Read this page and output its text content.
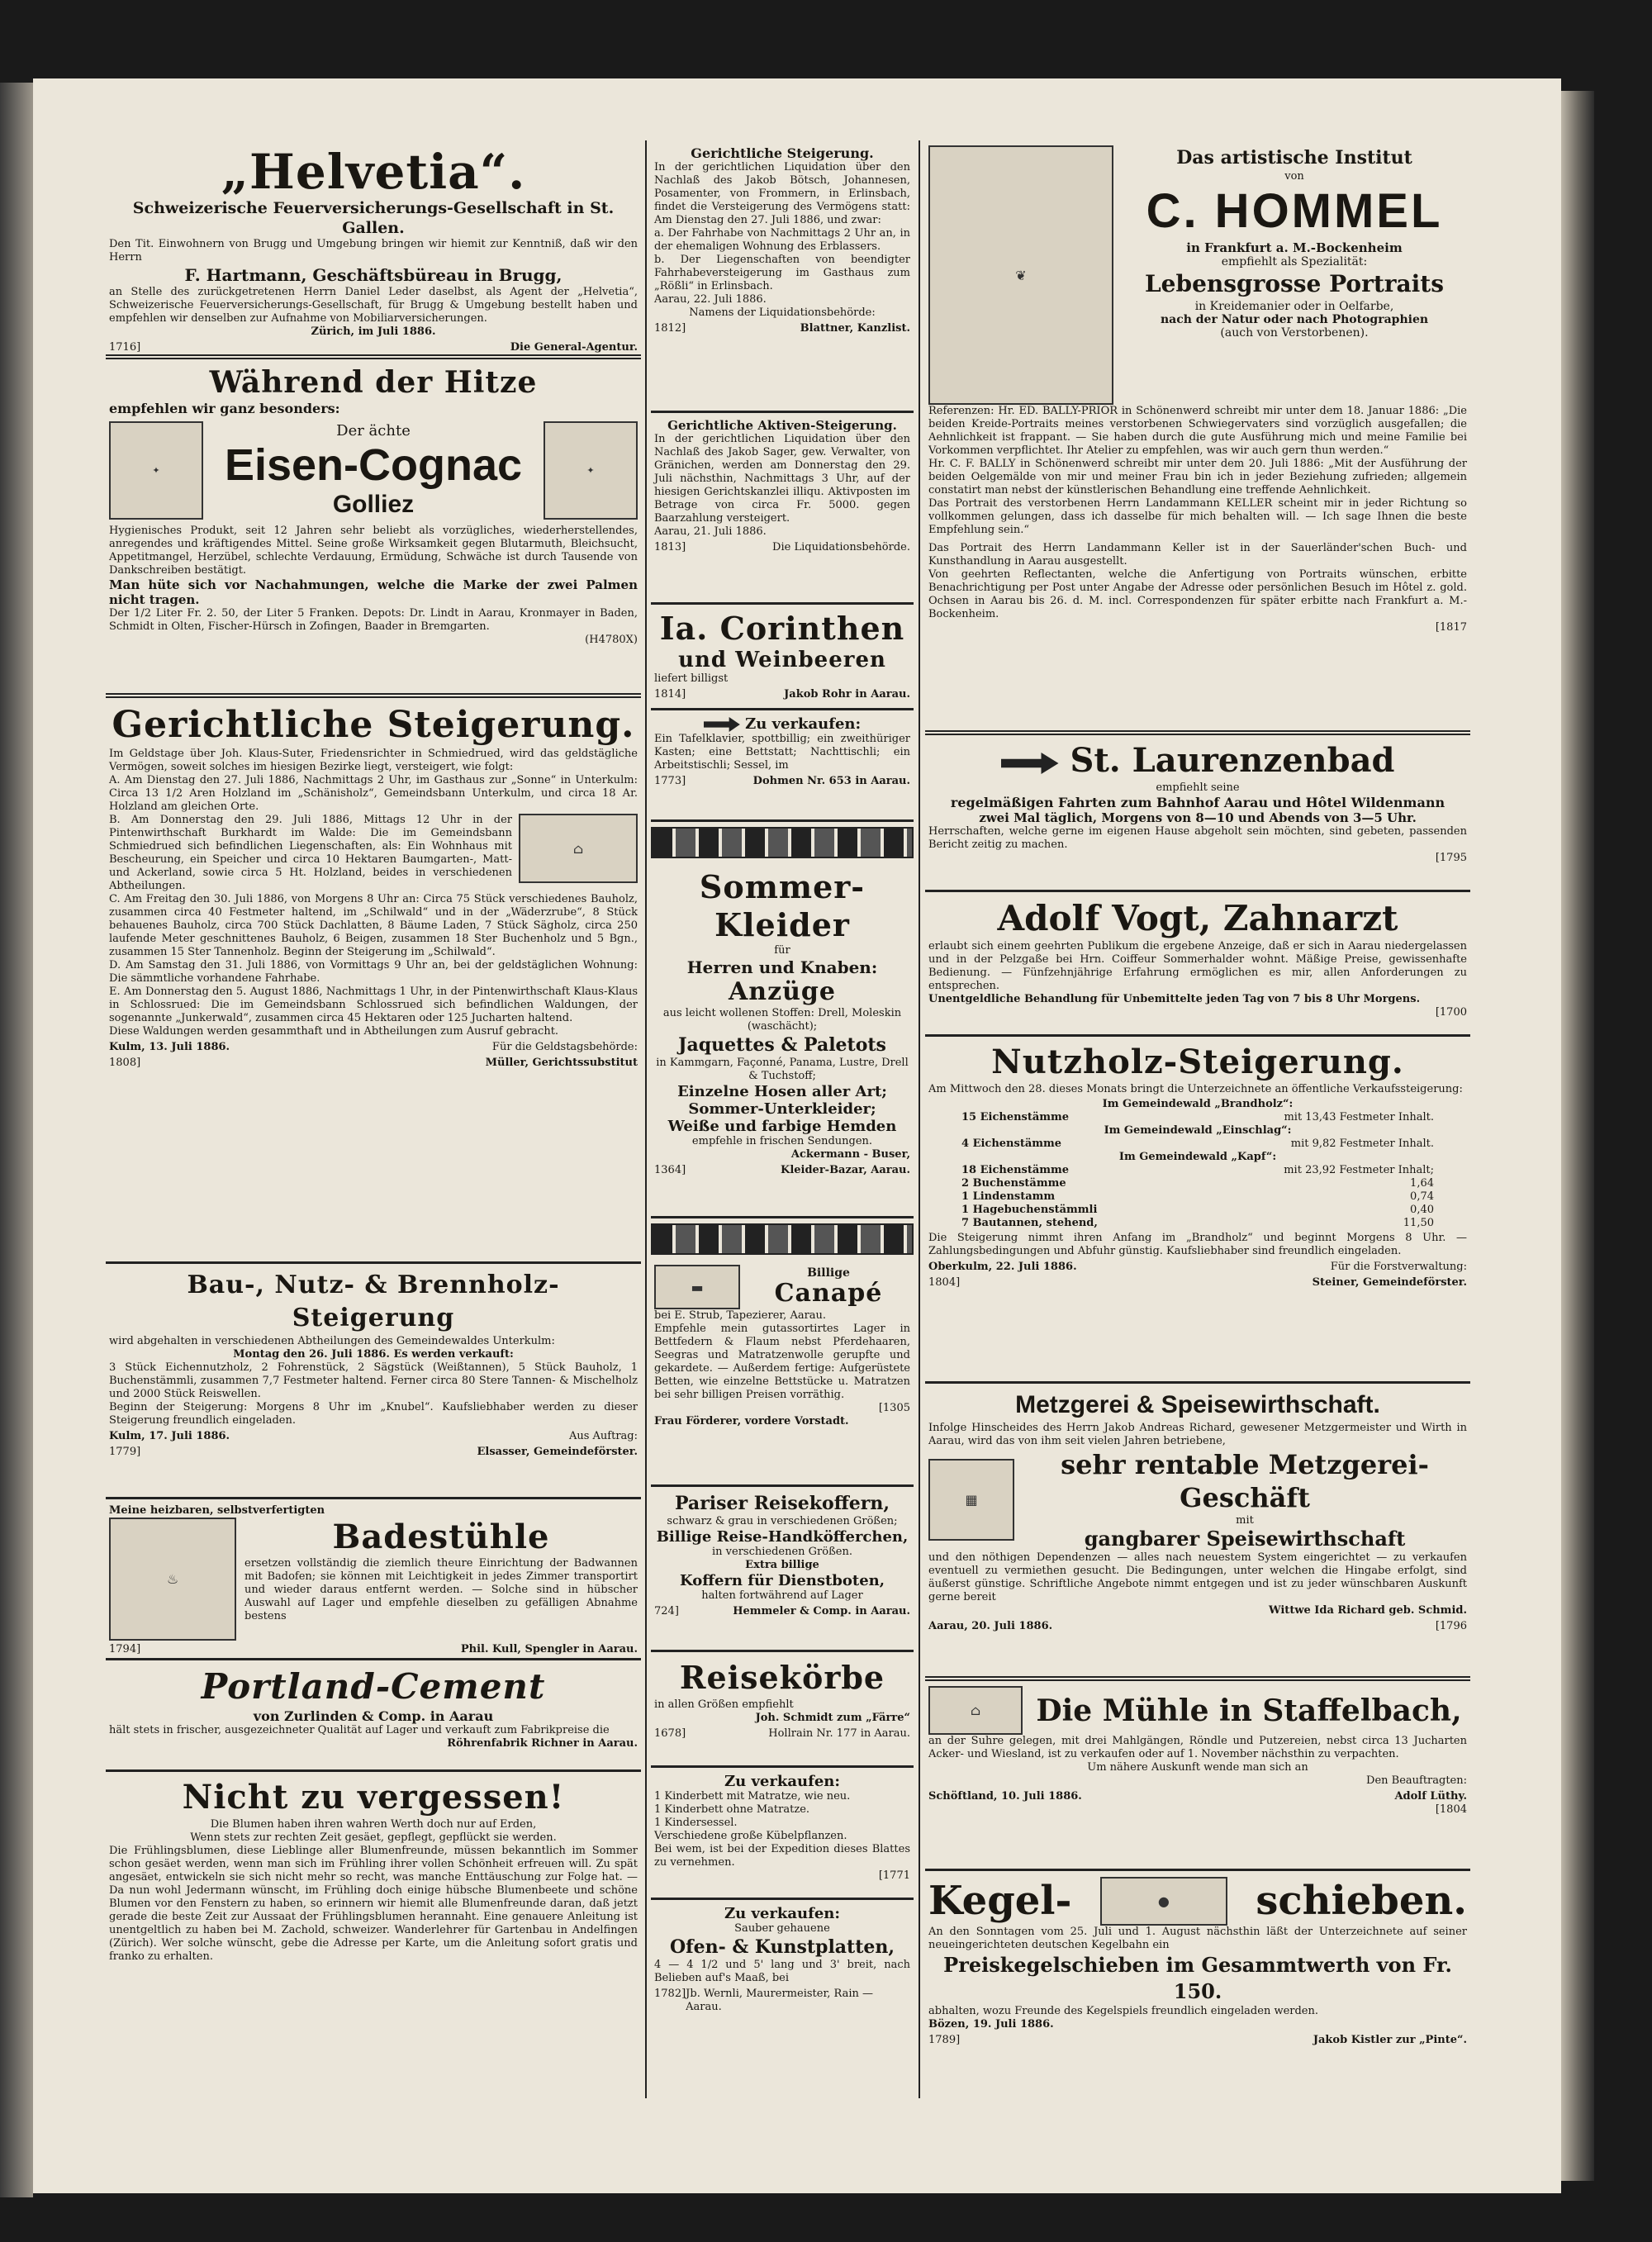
„Helvetia“.
Schweizerische Feuerversicherungs-Gesellschaft in St. Gallen.
Den Tit. Einwohnern von Brugg und Umgebung bringen wir hiemit zur Kenntniß, daß wir den Herrn
F. Hartmann, Geschäftsbüreau in Brugg,
an Stelle des zurückgetretenen Herrn Daniel Leder daselbst, als Agent der „Helvetia“, Schweizerische Feuerversicherungs-Gesellschaft, für Brugg & Umgebung bestellt haben und empfehlen wir denselben zur Aufnahme von Mobiliarversicherungen.
Zürich, im Juli 1886.
1716]	Die General-Agentur.
Während der Hitze
empfehlen wir ganz besonders:
✦
Der ächte
Eisen-Cognac
Golliez
✦
Hygienisches Produkt, seit 12 Jahren sehr beliebt als vorzügliches, wiederherstellendes, anregendes und kräftigendes Mittel. Seine große Wirksamkeit gegen Blutarmuth, Bleichsucht, Appetitmangel, Herzübel, schlechte Verdauung, Ermüdung, Schwäche ist durch Tausende von Dankschreiben bestätigt.
Man hüte sich vor Nachahmungen, welche die Marke der zwei Palmen nicht tragen.
Der 1/2 Liter Fr. 2. 50, der Liter 5 Franken. Depots: Dr. Lindt in Aarau, Kronmayer in Baden, Schmidt in Olten, Fischer-Hürsch in Zofingen, Baader in Bremgarten.
(H4780X)
Gerichtliche Steigerung.
Im Geldstage über Joh. Klaus-Suter, Friedensrichter in Schmiedrued, wird das geldstägliche Vermögen, soweit solches im hiesigen Bezirke liegt, versteigert, wie folgt:
A. Am Dienstag den 27. Juli 1886, Nachmittags 2 Uhr, im Gasthaus zur „Sonne“ in Unterkulm: Circa 13 1/2 Aren Holzland im „Schänisholz“, Gemeindsbann Unterkulm, und circa 18 Ar. Holzland am gleichen Orte.
B. Am Donnerstag den 29. Juli 1886, Mittags 12 Uhr in der Pintenwirthschaft Burkhardt im Walde: Die im Gemeindsbann Schmiedrued sich befindlichen Liegenschaften, als: Ein Wohnhaus mit Bescheurung, ein Speicher und circa 10 Hektaren Baumgarten-, Matt- und Ackerland, sowie circa 5 Ht. Holzland, beides in verschiedenen Abtheilungen.
⌂
C. Am Freitag den 30. Juli 1886, von Morgens 8 Uhr an: Circa 75 Stück verschiedenes Bauholz, zusammen circa 40 Festmeter haltend, im „Schilwald“ und in der „Wäderzrube“, 8 Stück behauenes Bauholz, circa 700 Stück Dachlatten, 8 Bäume Laden, 7 Stück Sägholz, circa 250 laufende Meter geschnittenes Bauholz, 6 Beigen, zusammen 18 Ster Buchenholz und 5 Bgn., zusammen 15 Ster Tannenholz. Beginn der Steigerung im „Schilwald“.
D. Am Samstag den 31. Juli 1886, von Vormittags 9 Uhr an, bei der geldstäglichen Wohnung: Die sämmtliche vorhandene Fahrhabe.
E. Am Donnerstag den 5. August 1886, Nachmittags 1 Uhr, in der Pintenwirthschaft Klaus-Klaus in Schlossrued: Die im Gemeindsbann Schlossrued sich befindlichen Waldungen, der sogenannte „Junkerwald“, zusammen circa 45 Hektaren oder 125 Jucharten haltend.
Diese Waldungen werden gesammthaft und in Abtheilungen zum Ausruf gebracht.
Kulm, 13. Juli 1886.	Für die Geldstagsbehörde:
1808]	Müller, Gerichtssubstitut
Bau-, Nutz- & Brennholz-Steigerung
wird abgehalten in verschiedenen Abtheilungen des Gemeindewaldes Unterkulm:
Montag den 26. Juli 1886. Es werden verkauft:
3 Stück Eichennutzholz, 2 Fohrenstück, 2 Sägstück (Weißtannen), 5 Stück Bauholz, 1 Buchenstämmli, zusammen 7,7 Festmeter haltend. Ferner circa 80 Stere Tannen- & Mischelholz und 2000 Stück Reiswellen.
Beginn der Steigerung: Morgens 8 Uhr im „Knubel“. Kaufsliebhaber werden zu dieser Steigerung freundlich eingeladen.
Kulm, 17. Juli 1886.	Aus Auftrag:
1779]	Elsasser, Gemeindeförster.
Meine heizbaren, selbstverfertigten
♨
Badestühle
ersetzen vollständig die ziemlich theure Einrichtung der Badwannen mit Badofen; sie können mit Leichtigkeit in jedes Zimmer transportirt und wieder daraus entfernt werden. — Solche sind in hübscher Auswahl auf Lager und empfehle dieselben zu gefälligen Abnahme bestens
1794]	Phil. Kull, Spengler in Aarau.
Portland-Cement
von Zurlinden & Comp. in Aarau
hält stets in frischer, ausgezeichneter Qualität auf Lager und verkauft zum Fabrikpreise die
Röhrenfabrik Richner in Aarau.
Nicht zu vergessen!
Die Blumen haben ihren wahren Werth doch nur auf Erden,
Wenn stets zur rechten Zeit gesäet, gepflegt, gepflückt sie werden.
Die Frühlingsblumen, diese Lieblinge aller Blumenfreunde, müssen bekanntlich im Sommer schon gesäet werden, wenn man sich im Frühling ihrer vollen Schönheit erfreuen will. Zu spät angesäet, entwickeln sie sich nicht mehr so recht, was manche Enttäuschung zur Folge hat. — Da nun wohl Jedermann wünscht, im Frühling doch einige hübsche Blumenbeete und schöne Blumen vor den Fenstern zu haben, so erinnern wir hiemit alle Blumenfreunde daran, daß jetzt gerade die beste Zeit zur Aussaat der Frühlingsblumen herannaht. Eine genauere Anleitung ist unentgeltlich zu haben bei M. Zachold, schweizer. Wanderlehrer für Gartenbau in Andelfingen (Zürich). Wer solche wünscht, gebe die Adresse per Karte, um die Anleitung sofort gratis und franko zu erhalten.
Gerichtliche Steigerung.
In der gerichtlichen Liquidation über den Nachlaß des Jakob Bötsch, Johannesen, Posamenter, von Frommern, in Erlinsbach, findet die Versteigerung des Vermögens statt: Am Dienstag den 27. Juli 1886, und zwar:
a. Der Fahrhabe von Nachmittags 2 Uhr an, in der ehemaligen Wohnung des Erblassers.
b. Der Liegenschaften von beendigter Fahrhabeversteigerung im Gasthaus zum „Rößli“ in Erlinsbach.
Aarau, 22. Juli 1886.
Namens der Liquidationsbehörde:
1812]	Blattner, Kanzlist.
Gerichtliche Aktiven-Steigerung.
In der gerichtlichen Liquidation über den Nachlaß des Jakob Sager, gew. Verwalter, von Gränichen, werden am Donnerstag den 29. Juli nächsthin, Nachmittags 3 Uhr, auf der hiesigen Gerichtskanzlei illiqu. Aktivposten im Betrage von circa Fr. 5000. gegen Baarzahlung versteigert.
Aarau, 21. Juli 1886.
1813]	Die Liquidationsbehörde.
Ia. Corinthen
und Weinbeeren
liefert billigst
1814]	Jakob Rohr in Aarau.
Zu verkaufen:
Ein Tafelklavier, spottbillig; ein zweithüriger Kasten; eine Bettstatt; Nachttischli; ein Arbeitstischli; Sessel, im
1773]	Dohmen Nr. 653 in Aarau.
Sommer-Kleider
für
Herren und Knaben:
Anzüge
aus leicht wollenen Stoffen: Drell, Moleskin (waschächt);
Jaquettes & Paletots
in Kammgarn, Façonné, Panama, Lustre, Drell & Tuchstoff;
Einzelne Hosen aller Art;
Sommer-Unterkleider;
Weiße und farbige Hemden
empfehle in frischen Sendungen.
Ackermann - Buser,
1364]	Kleider-Bazar, Aarau.
▬
Billige
Canapé
bei E. Strub, Tapezierer, Aarau.
Empfehle mein gutassortirtes Lager in Bettfedern & Flaum nebst Pferdehaaren, Seegras und Matratzenwolle gerupfte und gekardete. — Außerdem fertige: Aufgerüstete Betten, wie einzelne Bettstücke u. Matratzen bei sehr billigen Preisen vorräthig.
[1305
Frau Förderer, vordere Vorstadt.
Pariser Reisekoffern,
schwarz & grau in verschiedenen Größen;
Billige Reise-Handköfferchen,
in verschiedenen Größen.
Extra billige
Koffern für Dienstboten,
halten fortwährend auf Lager
724]	Hemmeler & Comp. in Aarau.
Reisekörbe
in allen Größen empfiehlt
Joh. Schmidt zum „Färre“
1678]	Hollrain Nr. 177 in Aarau.
Zu verkaufen:
1 Kinderbett mit Matratze, wie neu.
1 Kinderbett ohne Matratze.
1 Kindersessel.
Verschiedene große Kübelpflanzen.
Bei wem, ist bei der Expedition dieses Blattes zu vernehmen.
[1771
Zu verkaufen:
Sauber gehauene
Ofen- & Kunstplatten,
4 — 4 1/2 und 5' lang und 3' breit, nach Belieben auf's Maaß, bei
1782] Jb. Wernli, Maurermeister, Rain — Aarau.
❦
Das artistische Institut
von
C. HOMMEL
in Frankfurt a. M.-Bockenheim
empfiehlt als Spezialität:
Lebensgrosse Portraits
in Kreidemanier oder in Oelfarbe,
nach der Natur oder nach Photographien
(auch von Verstorbenen).
Referenzen: Hr. ED. BALLY-PRIOR in Schönenwerd schreibt mir unter dem 18. Januar 1886: „Die beiden Kreide-Portraits meines verstorbenen Schwiegervaters sind vorzüglich ausgefallen; die Aehnlichkeit ist frappant. — Sie haben durch die gute Ausführung mich und meine Familie bei Vorkommen verpflichtet. Ihr Atelier zu empfehlen, was wir auch gern thun werden.“
Hr. C. F. BALLY in Schönenwerd schreibt mir unter dem 20. Juli 1886: „Mit der Ausführung der beiden Oelgemälde von mir und meiner Frau bin ich in jeder Beziehung zufrieden; allgemein constatirt man nebst der künstlerischen Behandlung eine treffende Aehnlichkeit.
Das Portrait des verstorbenen Herrn Landammann KELLER scheint mir in jeder Richtung so vollkommen gelungen, dass ich dasselbe für mich behalten will. — Ich sage Ihnen die beste Empfehlung sein.“
Das Portrait des Herrn Landammann Keller ist in der Sauerländer'schen Buch- und Kunsthandlung in Aarau ausgestellt.
Von geehrten Reflectanten, welche die Anfertigung von Portraits wünschen, erbitte Benachrichtigung per Post unter Angabe der Adresse oder persönlichen Besuch im Hôtel z. gold. Ochsen in Aarau bis 26. d. M. incl. Correspondenzen für später erbitte nach Frankfurt a. M.-Bockenheim.
[1817
St. Laurenzenbad
empfiehlt seine
regelmäßigen Fahrten zum Bahnhof Aarau und Hôtel Wildenmann
zwei Mal täglich, Morgens von 8—10 und Abends von 3—5 Uhr.
Herrschaften, welche gerne im eigenen Hause abgeholt sein möchten, sind gebeten, passenden Bericht zeitig zu machen.
[1795
Adolf Vogt, Zahnarzt
erlaubt sich einem geehrten Publikum die ergebene Anzeige, daß er sich in Aarau niedergelassen und in der Pelzgaße bei Hrn. Coiffeur Sommerhalder wohnt. Mäßige Preise, gewissenhafte Bedienung. — Fünfzehnjährige Erfahrung ermöglichen es mir, allen Anforderungen zu entsprechen.
Unentgeldliche Behandlung für Unbemittelte jeden Tag von 7 bis 8 Uhr Morgens.
[1700
Nutzholz-Steigerung.
Am Mittwoch den 28. dieses Monats bringt die Unterzeichnete an öffentliche Verkaufssteigerung:
Im Gemeindewald „Brandholz“:
15 Eichenstämme	mit 13,43 Festmeter Inhalt.
Im Gemeindewald „Einschlag“:
4 Eichenstämme	mit 9,82 Festmeter Inhalt.
Im Gemeindewald „Kapf“:
18 Eichenstämme	mit 23,92 Festmeter Inhalt;
2 Buchenstämme	1,64
1 Lindenstamm	0,74
1 Hagebuchenstämmli	0,40
7 Bautannen, stehend,	11,50
Die Steigerung nimmt ihren Anfang im „Brandholz“ und beginnt Morgens 8 Uhr. — Zahlungsbedingungen und Abfuhr günstig. Kaufsliebhaber sind freundlich eingeladen.
Oberkulm, 22. Juli 1886.	Für die Forstverwaltung:
1804]	Steiner, Gemeindeförster.
Metzgerei & Speisewirthschaft.
Infolge Hinscheides des Herrn Jakob Andreas Richard, gewesener Metzgermeister und Wirth in Aarau, wird das von ihm seit vielen Jahren betriebene,
▦
sehr rentable Metzgerei-Geschäft
mit
gangbarer Speisewirthschaft
und den nöthigen Dependenzen — alles nach neuestem System eingerichtet — zu verkaufen eventuell zu vermiethen gesucht. Die Bedingungen, unter welchen die Hingabe erfolgt, sind äußerst günstige. Schriftliche Angebote nimmt entgegen und ist zu jeder wünschbaren Auskunft gerne bereit
Wittwe Ida Richard geb. Schmid.
Aarau, 20. Juli 1886.	[1796
⌂	Die Mühle in Staffelbach,
an der Suhre gelegen, mit drei Mahlgängen, Röndle und Putzereien, nebst circa 13 Jucharten Acker- und Wiesland, ist zu verkaufen oder auf 1. November nächsthin zu verpachten.
Um nähere Auskunft wende man sich an
Den Beauftragten:
Schöftland, 10. Juli 1886.	Adolf Lüthy.
[1804
Kegel-	●	schieben.
An den Sonntagen vom 25. Juli und 1. August nächsthin läßt der Unterzeichnete auf seiner neueingerichteten deutschen Kegelbahn ein
Preiskegelschieben im Gesammtwerth von Fr. 150.
abhalten, wozu Freunde des Kegelspiels freundlich eingeladen werden.
Bözen, 19. Juli 1886.
1789]	Jakob Kistler zur „Pinte“.
